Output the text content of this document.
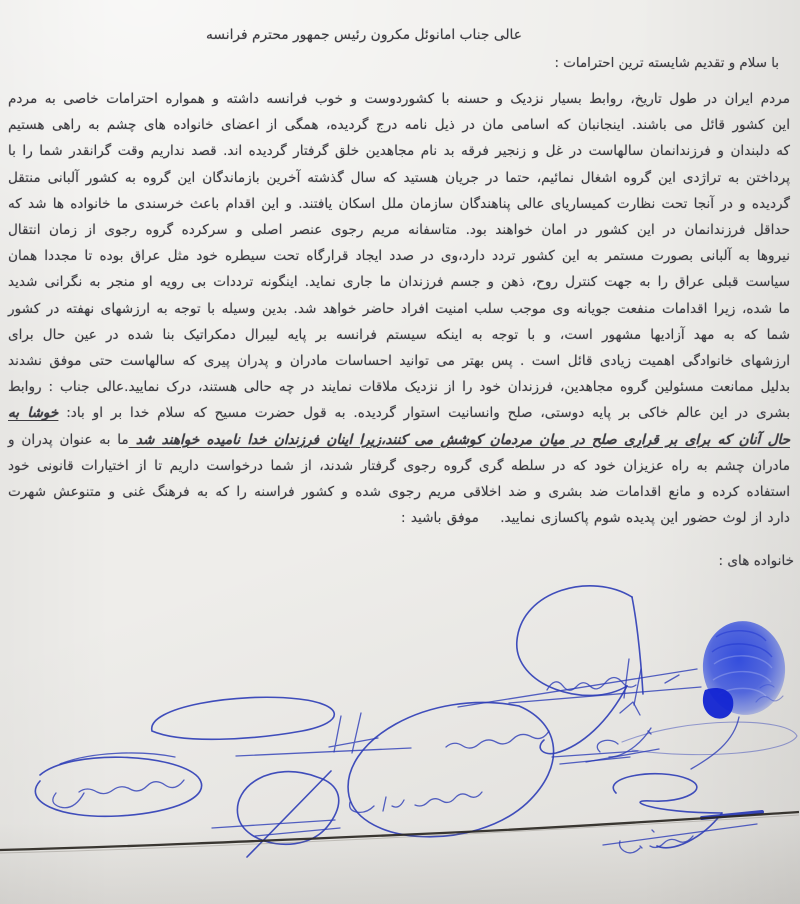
عالی جناب امانوئل مکرون رئیس جمهور محترم فرانسه
با سلام و تقدیم شایسته ترین احترامات :
مردم ایران در طول تاریخ، روابط بسیار نزدیک و حسنه با کشوردوست و خوب فرانسه داشته و همواره احترامات خاصی به مردم
این کشور قائل می باشند. اینجانبان که اسامی مان در ذیل نامه درج گردیده، همگی از اعضای خانواده های چشم به راهی هستیم
که دلبندان و فرزندانمان سالهاست در غل و زنجیر فرقه بد نام مجاهدین خلق گرفتار گردیده اند. قصد نداریم وقت گرانقدر شما را با
پرداختن به تراژدی این گروه اشغال نمائیم، حتما در جریان هستید که سال گذشته آخرین بازماندگان این گروه به کشور آلبانی منتقل
گردیده و در آنجا تحت نظارت کمیساریای عالی پناهندگان سازمان ملل اسکان یافتند. و این اقدام باعث خرسندی ما خانواده ها شد که
حداقل فرزندانمان در این کشور در امان خواهند بود. متاسفانه مریم رجوی عنصر اصلی و سرکرده گروه رجوی از زمان انتقال
نیروها به آلبانی بصورت مستمر به این کشور تردد دارد،وی در صدد ایجاد قرارگاه تحت سیطره خود مثل عراق بوده تا مجددا همان
سیاست قبلی عراق را به جهت کنترل روح، ذهن و جسم فرزندان ما جاری نماید. اینگونه ترددات بی رویه او منجر به نگرانی شدید
ما شده، زیرا اقدامات منفعت جویانه وی موجب سلب امنیت افراد حاضر خواهد شد. بدین وسیله با توجه به ارزشهای نهفته در کشور
شما که به مهد آزادیها مشهور است، و با توجه به اینکه سیستم فرانسه بر پایه لیبرال دمکراتیک بنا شده در عین حال برای
ارزشهای خانوادگی اهمیت زیادی قائل است . پس بهتر می توانید احساسات مادران و پدران پیری که سالهاست حتی موفق نشدند
بدلیل ممانعت مسئولین گروه مجاهدین، فرزندان خود را از نزدیک ملاقات نمایند در چه حالی هستند، درک نمایید.عالی جناب : روابط
بشری در این عالم خاکی بر پایه دوستی، صلح وانسانیت استوار گردیده. به قول حضرت مسیح که سلام خدا بر او باد: خوشا به
حال آنان که برای بر قراری صلح در میان مردمان کوشش می کنند،زیرا اینان فرزندان خدا نامیده خواهند شد ما به عنوان پدران و
مادران چشم به راه عزیزان خود که در سلطه گری گروه رجوی گرفتار شدند، از شما درخواست داریم تا از اختیارات قانونی خود
استفاده کرده و مانع اقدامات ضد بشری و ضد اخلاقی مریم رجوی شده و کشور فراسنه را که به فرهنگ غنی و متنوعش شهرت
دارد از لوث حضور این پدیده شوم پاکسازی نمایید.    موفق باشید :
خانواده های :
